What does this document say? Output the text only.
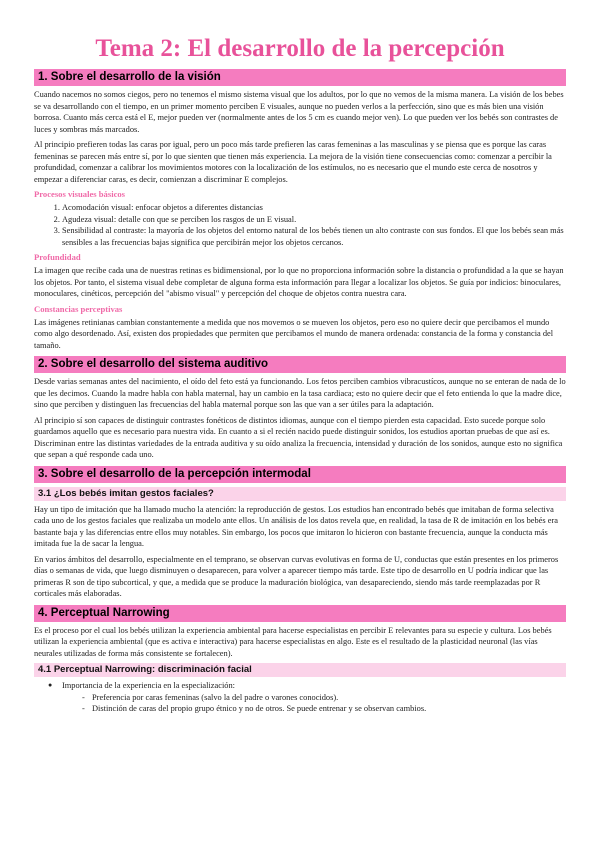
Tema 2: El desarrollo de la percepción
1. Sobre el desarrollo de la visión

Cuando nacemos no somos ciegos, pero no tenemos el mismo sistema visual que los adultos, por lo que no vemos de la misma manera. La visión de los bebes se va desarrollando con el tiempo, en un primer momento perciben E visuales, aunque no pueden verlos a la perfección, sino que es más bien una visión borrosa. Cuanto más cerca está el E, mejor pueden ver (normalmente antes de los 5 cm es cuando mejor ven). Lo que pueden ver los bebés son contrastes de luces y sombras más marcados.

Al principio prefieren todas las caras por igual, pero un poco más tarde prefieren las caras femeninas a las masculinas y se piensa que es porque las caras femeninas se parecen más entre sí, por lo que sienten que tienen más experiencia. La mejora de la visión tiene consecuencias como: comenzar a percibir la profundidad, comenzar a calibrar los movimientos motores con la localización de los estímulos, no es necesario que el mundo este cerca de nosotros y empezar a diferenciar caras, es decir, comienzan a discriminar E complejos.

Procesos visuales básicos
1. Acomodación visual: enfocar objetos a diferentes distancias
2. Agudeza visual: detalle con que se perciben los rasgos de un E visual.
3. Sensibilidad al contraste: la mayoría de los objetos del entorno natural de los bebés tienen un alto contraste con sus fondos. El que los bebés sean más sensibles a las frecuencias bajas significa que percibirán mejor los objetos cercanos.
Profundidad

La imagen que recibe cada una de nuestras retinas es bidimensional, por lo que no proporciona información sobre la distancia o profundidad a la que se hayan los objetos. Por tanto, el sistema visual debe completar de alguna forma esta información para llegar a localizar los objetos. Se guía por indicios: binoculares, monoculares, cinéticos, percepción del "abismo visual" y percepción del choque de objetos contra nuestra cara.

Constancias perceptivas

Las imágenes retinianas cambian constantemente a medida que nos movemos o se mueven los objetos, pero eso no quiere decir que percibamos el mundo como algo desordenado. Así, existen dos propiedades que permiten que percibamos el mundo de manera ordenada: constancia de la forma y constancia del tamaño.

2. Sobre el desarrollo del sistema auditivo

Desde varias semanas antes del nacimiento, el oído del feto está ya funcionando. Los fetos perciben cambios vibracustícos, aunque no se enteran de nada de lo que les decimos. Cuando la madre habla con habla maternal, hay un cambio en la tasa cardiaca; esto no quiere decir que el feto entienda lo que la madre dice, sino que perciben y distinguen las frecuencias del habla maternal porque son las que van a ser útiles para la adaptación.

Al principio sí son capaces de distinguir contrastes fonéticos de distintos idiomas, aunque con el tiempo pierden esta capacidad. Esto sucede porque solo guardamos aquello que es necesario para nuestra vida. En cuanto a si el recién nacido puede distinguir sonidos, los estudios aportan pruebas de que así es. Discriminan entre las distintas variedades de la entrada auditiva y su oído analiza la frecuencia, intensidad y duración de los sonidos, aunque esto no significa que sepan a qué responde cada uno.

3. Sobre el desarrollo de la percepción intermodal
3.1 ¿Los bebés imitan gestos faciales?

Hay un tipo de imitación que ha llamado mucho la atención: la reproducción de gestos. Los estudios han encontrado bebés que imitaban de forma selectiva cada uno de los gestos faciales que realizaba un modelo ante ellos. Un análisis de los datos revela que, en realidad, la tasa de R de imitación en los bebés era bastante baja y las diferencias entre ellos muy notables. Sin embargo, los pocos que imitaron lo hicieron con bastante frecuencia, aunque la conducta más imitada fue la de sacar la lengua.

En varios ámbitos del desarrollo, especialmente en el temprano, se observan curvas evolutivas en forma de U, conductas que están presentes en los primeros días o semanas de vida, que luego disminuyen o desaparecen, para volver a aparecer tiempo más tarde. Este tipo de desarrollo en U podría indicar que las primeras R son de tipo subcortical, y que, a medida que se produce la maduración biológica, van desapareciendo, siendo más tarde reemplazadas por R corticales más elaboradas.

4. Perceptual Narrowing

Es el proceso por el cual los bebés utilizan la experiencia ambiental para hacerse especialistas en percibir E relevantes para su especie y cultura. Los bebés utilizan la experiencia ambiental (que es activa e interactiva) para hacerse especialistas en algo. Este es el resultado de la plasticidad neuronal (las vías neurales utilizadas de forma más consistente se fortalecen).

4.1 Perceptual Narrowing: discriminación facial
● Importancia de la experiencia en la especialización:
- Preferencia por caras femeninas (salvo la del padre o varones conocidos).
- Distinción de caras del propio grupo étnico y no de otros. Se puede entrenar y se observan cambios.
